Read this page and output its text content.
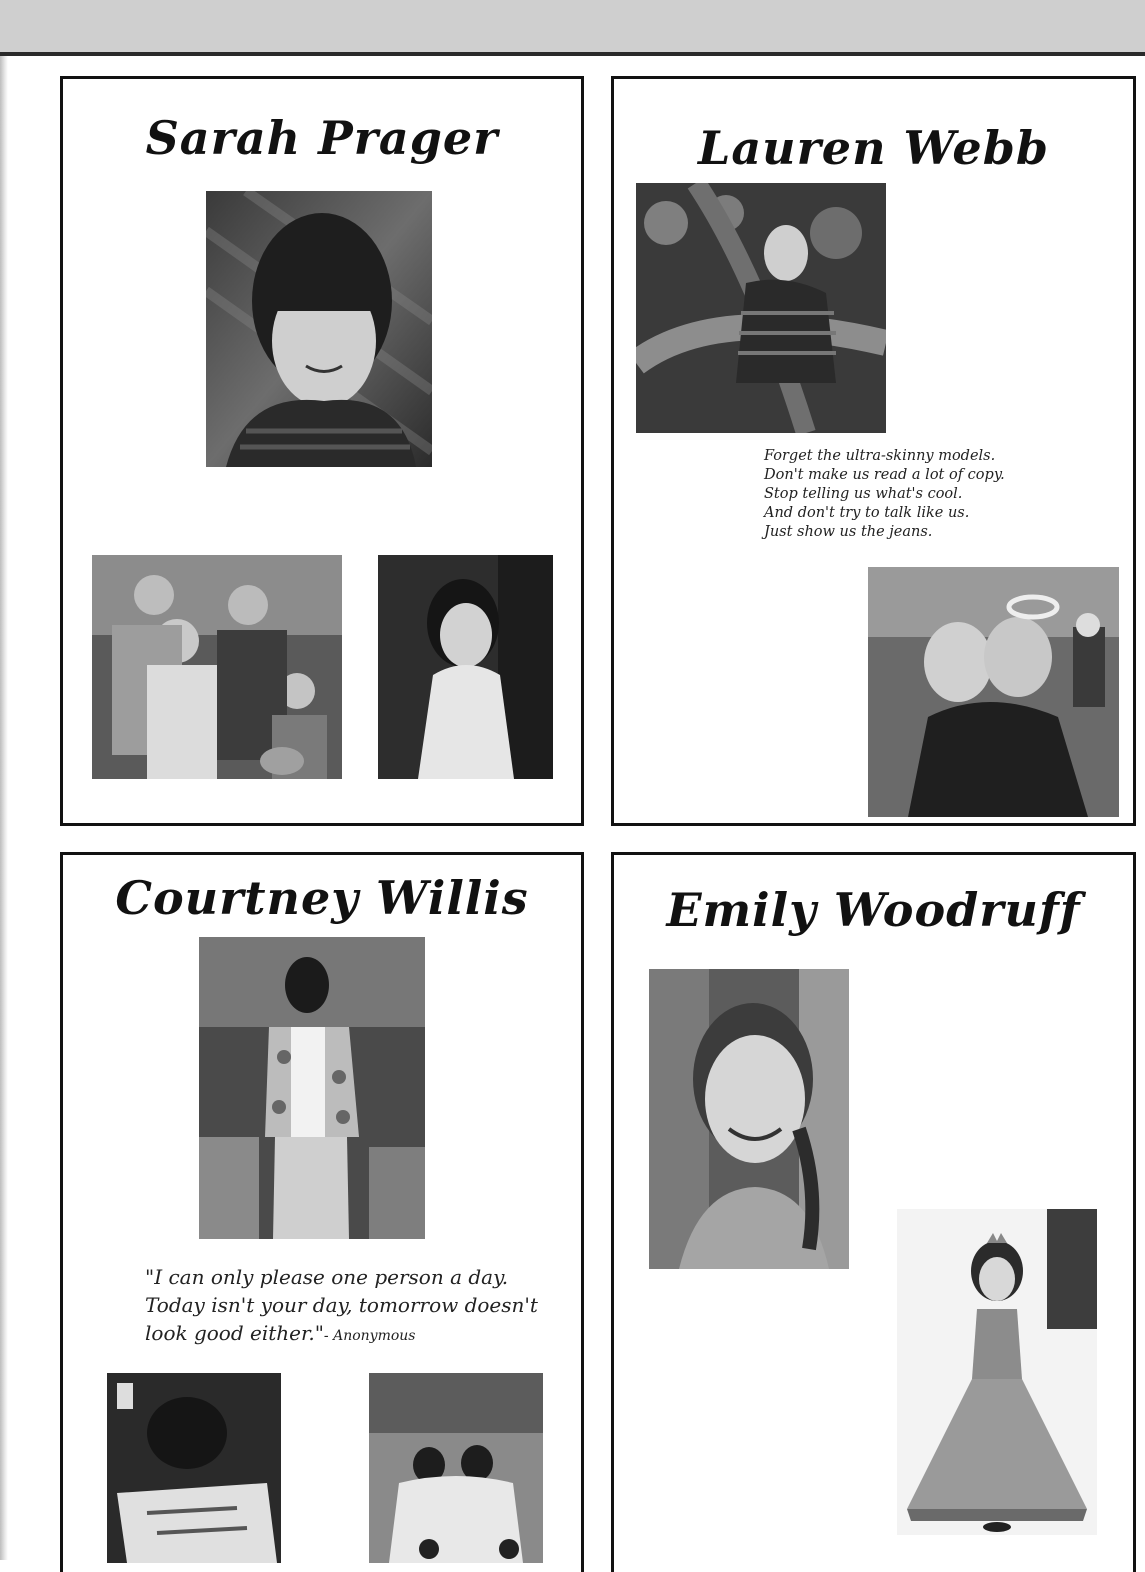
Sarah Prager	Lauren Webb

Forget the ultra-skinny models.
Don't make us read a lot of copy.
Stop telling us what's cool.
And don't try to talk like us.
Just show us the jeans.

Courtney Willis

"I can only please one person a day.
Today isn't your day, tomorrow doesn't
look good either."- Anonymous

Emily Woodruff
